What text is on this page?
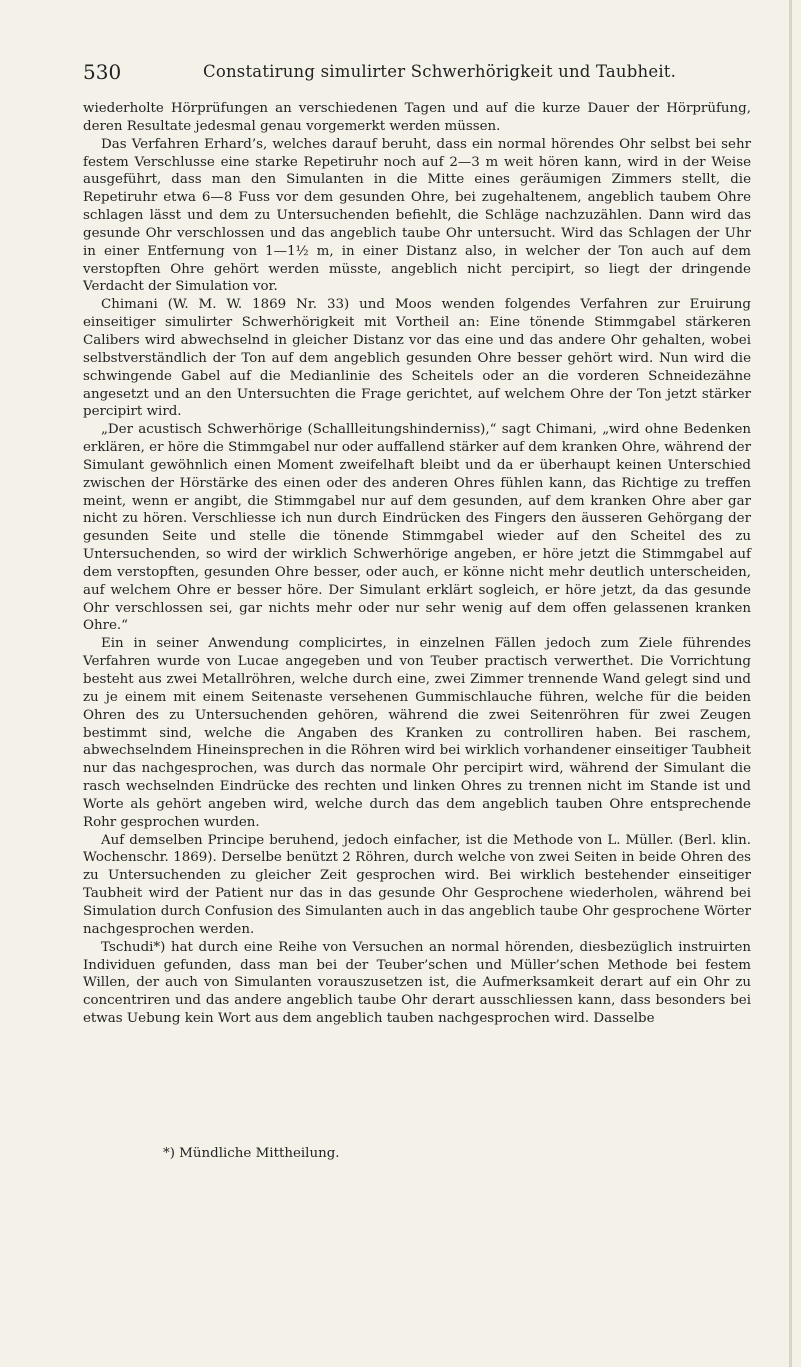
530	Constatirung simulirter Schwerhörigkeit und Taubheit.

wiederholte Hörprüfungen an verschiedenen Tagen und auf die kurze Dauer der Hörprüfung, deren Resultate jedesmal genau vorgemerkt werden müssen.

Das Verfahren Erhard’s, welches darauf beruht, dass ein normal hörendes Ohr selbst bei sehr festem Verschlusse eine starke Repetiruhr noch auf 2—3 m weit hören kann, wird in der Weise ausgeführt, dass man den Simulanten in die Mitte eines geräumigen Zimmers stellt, die Repetiruhr etwa 6—8 Fuss vor dem gesunden Ohre, bei zugehaltenem, angeblich taubem Ohre schlagen lässt und dem zu Untersuchenden befiehlt, die Schläge nachzuzählen. Dann wird das gesunde Ohr verschlossen und das angeblich taube Ohr untersucht. Wird das Schlagen der Uhr in einer Entfernung von 1—1½ m, in einer Distanz also, in welcher der Ton auch auf dem verstopften Ohre gehört werden müsste, angeblich nicht percipirt, so liegt der dringende Verdacht der Simulation vor.

Chimani (W. M. W. 1869 Nr. 33) und Moos wenden folgendes Verfahren zur Eruirung einseitiger simulirter Schwerhörigkeit mit Vortheil an: Eine tönende Stimmgabel stärkeren Calibers wird abwechselnd in gleicher Distanz vor das eine und das andere Ohr gehalten, wobei selbstverständlich der Ton auf dem angeblich gesunden Ohre besser gehört wird. Nun wird die schwingende Gabel auf die Medianlinie des Scheitels oder an die vorderen Schneidezähne angesetzt und an den Untersuchten die Frage gerichtet, auf welchem Ohre der Ton jetzt stärker percipirt wird.

„Der acustisch Schwerhörige (Schallleitungshinderniss),“ sagt Chimani, „wird ohne Bedenken erklären, er höre die Stimmgabel nur oder auffallend stärker auf dem kranken Ohre, während der Simulant gewöhnlich einen Moment zweifelhaft bleibt und da er überhaupt keinen Unterschied zwischen der Hörstärke des einen oder des anderen Ohres fühlen kann, das Richtige zu treffen meint, wenn er angibt, die Stimmgabel nur auf dem gesunden, auf dem kranken Ohre aber gar nicht zu hören. Verschliesse ich nun durch Eindrücken des Fingers den äusseren Gehörgang der gesunden Seite und stelle die tönende Stimmgabel wieder auf den Scheitel des zu Untersuchenden, so wird der wirklich Schwerhörige angeben, er höre jetzt die Stimmgabel auf dem verstopften, gesunden Ohre besser, oder auch, er könne nicht mehr deutlich unterscheiden, auf welchem Ohre er besser höre. Der Simulant erklärt sogleich, er höre jetzt, da das gesunde Ohr verschlossen sei, gar nichts mehr oder nur sehr wenig auf dem offen gelassenen kranken Ohre.“

Ein in seiner Anwendung complicirtes, in einzelnen Fällen jedoch zum Ziele führendes Verfahren wurde von Lucae angegeben und von Teuber practisch verwerthet. Die Vorrichtung besteht aus zwei Metallröhren, welche durch eine, zwei Zimmer trennende Wand gelegt sind und zu je einem mit einem Seitenaste versehenen Gummischlauche führen, welche für die beiden Ohren des zu Untersuchenden gehören, während die zwei Seitenröhren für zwei Zeugen bestimmt sind, welche die Angaben des Kranken zu controlliren haben. Bei raschem, abwechselndem Hineinsprechen in die Röhren wird bei wirklich vorhandener einseitiger Taubheit nur das nachgesprochen, was durch das normale Ohr percipirt wird, während der Simulant die rasch wechselnden Eindrücke des rechten und linken Ohres zu trennen nicht im Stande ist und Worte als gehört angeben wird, welche durch das dem angeblich tauben Ohre entsprechende Rohr gesprochen wurden.

Auf demselben Principe beruhend, jedoch einfacher, ist die Methode von L. Müller. (Berl. klin. Wochenschr. 1869). Derselbe benützt 2 Röhren, durch welche von zwei Seiten in beide Ohren des zu Untersuchenden zu gleicher Zeit gesprochen wird. Bei wirklich bestehender einseitiger Taubheit wird der Patient nur das in das gesunde Ohr Gesprochene wiederholen, während bei Simulation durch Confusion des Simulanten auch in das angeblich taube Ohr gesprochene Wörter nachgesprochen werden.

Tschudi*) hat durch eine Reihe von Versuchen an normal hörenden, diesbezüglich instruirten Individuen gefunden, dass man bei der Teuber’schen und Müller’schen Methode bei festem Willen, der auch von Simulanten vorauszusetzen ist, die Aufmerksamkeit derart auf ein Ohr zu concentriren und das andere angeblich taube Ohr derart ausschliessen kann, dass besonders bei etwas Uebung kein Wort aus dem angeblich tauben nachgesprochen wird. Dasselbe

*) Mündliche Mittheilung.
